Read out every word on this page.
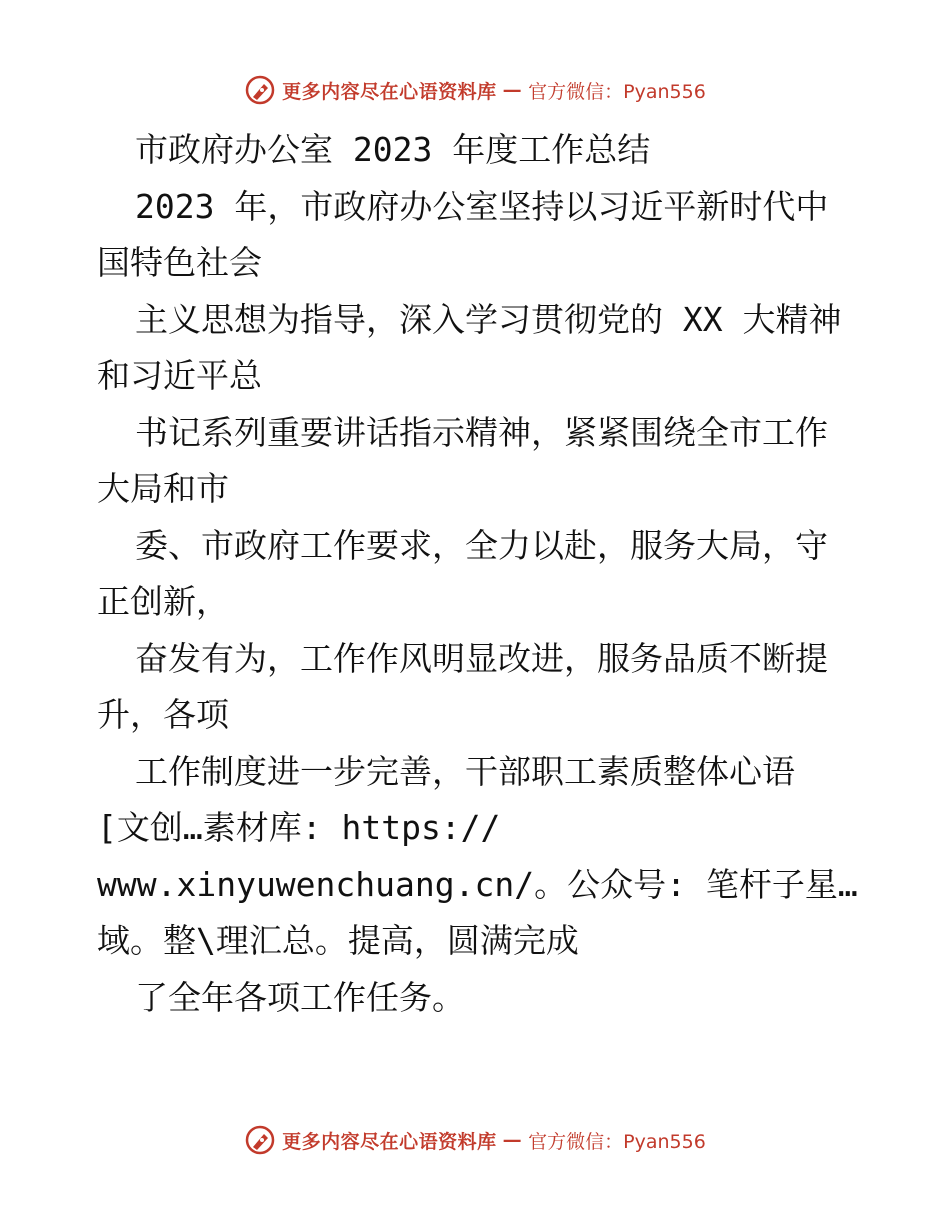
更多内容尽在心语资料库 — 官方微信：Pyan556
市政府办公室 2023 年度工作总结
2023 年，市政府办公室坚持以习近平新时代中
国特色社会
主义思想为指导，深入学习贯彻党的 XX 大精神
和习近平总
书记系列重要讲话指示精神，紧紧围绕全市工作
大局和市
委、市政府工作要求，全力以赴，服务大局，守
正创新，
奋发有为，工作作风明显改进，服务品质不断提
升，各项
工作制度进一步完善，干部职工素质整体心语
[文创…素材库: https://
www.xinyuwenchuang.cn/。公众号: 笔杆子星…
域。整\理汇总。提高，圆满完成
了全年各项工作任务。
更多内容尽在心语资料库 — 官方微信：Pyan556
